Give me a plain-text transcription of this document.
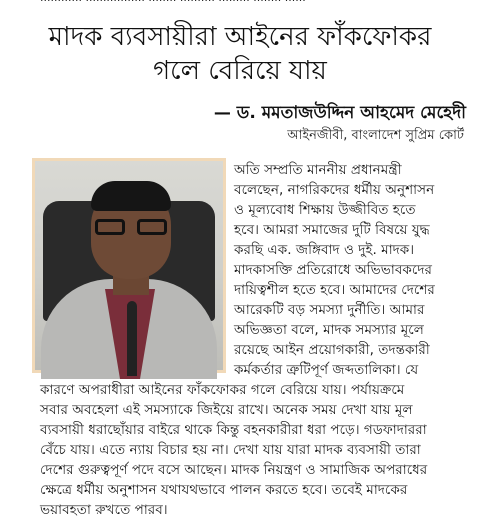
মাদক ব্যবসায়ীরা আইনের ফাঁকফোকর
গলে বেরিয়ে যায়
— ড. মমতাজউদ্দিন আহমেদ মেহেদী
আইনজীবী, বাংলাদেশ সুপ্রিম কোর্ট
অতি সম্প্রতি মাননীয় প্রধানমন্ত্রী
বলেছেন, নাগরিকদের ধর্মীয় অনুশাসন
ও মূল্যবোধ শিক্ষায় উজ্জীবিত হতে
হবে। আমরা সমাজের দুটি বিষয়ে যুদ্ধ
করছি এক. জঙ্গিবাদ ও দুই. মাদক।
মাদকাসক্তি প্রতিরোধে অভিভাবকদের
দায়িত্বশীল হতে হবে। আমাদের দেশের
আরেকটি বড় সমস্যা দুর্নীতি। আমার
অভিজ্ঞতা বলে, মাদক সমস্যার মূলে
রয়েছে আইন প্রয়োগকারী, তদন্তকারী
কর্মকর্তার ত্রুটিপূর্ণ জব্দতালিকা। যে
কারণে অপরাধীরা আইনের ফাঁকফোকর গলে বেরিয়ে যায়। পর্যায়ক্রমে
সবার অবহেলা এই সমস্যাকে জিইয়ে রাখে। অনেক সময় দেখা যায় মূল
ব্যবসায়ী ধরাছোঁয়ার বাইরে থাকে কিন্তু বহনকারীরা ধরা পড়ে। গডফাদাররা
বেঁচে যায়। এতে ন্যায় বিচার হয় না। দেখা যায় যারা মাদক ব্যবসায়ী তারা
দেশের গুরুত্বপূর্ণ পদে বসে আছেন। মাদক নিয়ন্ত্রণ ও সামাজিক অপরাধের
ক্ষেত্রে ধর্মীয় অনুশাসন যথাযথভাবে পালন করতে হবে। তবেই মাদকের
ভয়াবহতা রুখতে পারব।
